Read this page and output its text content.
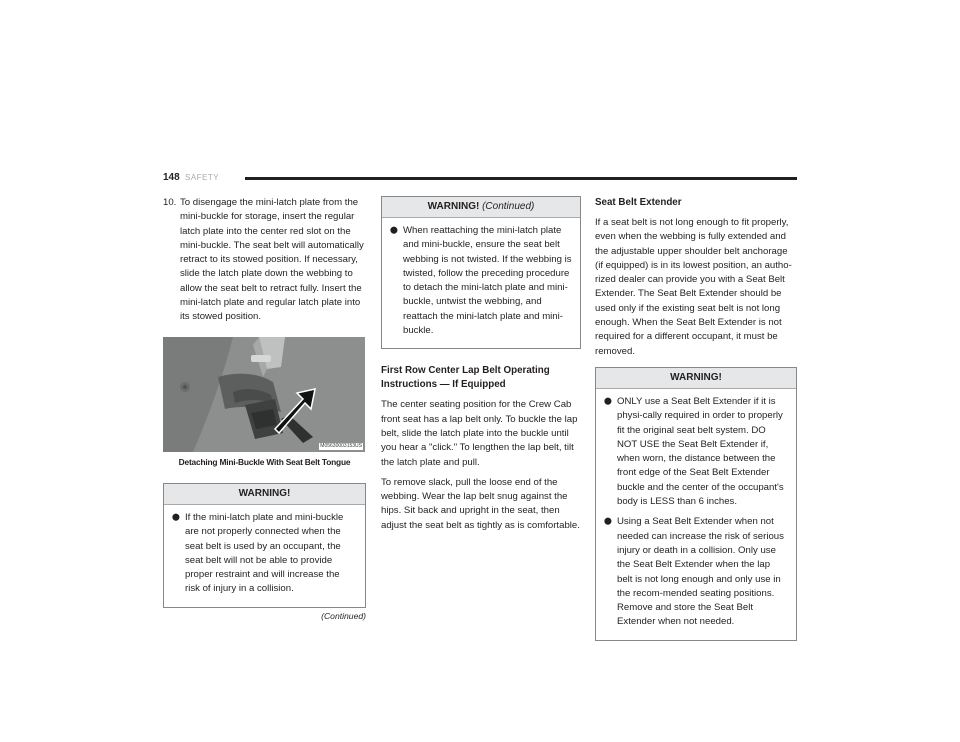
148 SAFETY
10. To disengage the mini-latch plate from the mini-buckle for storage, insert the regular latch plate into the center red slot on the mini-buckle. The seat belt will automatically retract to its stowed position. If necessary, slide the latch plate down the webbing to allow the seat belt to retract fully. Insert the mini-latch plate and regular latch plate into its stowed position.
M05630003153US
Detaching Mini-Buckle With Seat Belt Tongue
WARNING!
⬤ If the mini-latch plate and mini-buckle are not properly connected when the seat belt is used by an occupant, the seat belt will not be able to provide proper restraint and will increase the risk of injury in a collision.
(Continued)
WARNING! (Continued)
⬤ When reattaching the mini-latch plate and mini-buckle, ensure the seat belt webbing is not twisted. If the webbing is twisted, follow the preceding procedure to detach the mini-latch plate and mini-buckle, untwist the webbing, and reattach the mini-latch plate and mini-buckle.
First Row Center Lap Belt Operating Instructions — If Equipped

The center seating position for the Crew Cab front seat has a lap belt only. To buckle the lap belt, slide the latch plate into the buckle until you hear a "click." To lengthen the lap belt, tilt the latch plate and pull.

To remove slack, pull the loose end of the webbing. Wear the lap belt snug against the hips. Sit back and upright in the seat, then adjust the seat belt as tightly as is comfortable.

Seat Belt Extender

If a seat belt is not long enough to fit properly, even when the webbing is fully extended and the adjustable upper shoulder belt anchorage (if equipped) is in its lowest position, an autho-rized dealer can provide you with a Seat Belt Extender. The Seat Belt Extender should be used only if the existing seat belt is not long enough. When the Seat Belt Extender is not required for a different occupant, it must be removed.

WARNING!
⬤ ONLY use a Seat Belt Extender if it is physi-cally required in order to properly fit the original seat belt system. DO NOT USE the Seat Belt Extender if, when worn, the distance between the front edge of the Seat Belt Extender buckle and the center of the occupant's body is LESS than 6 inches.
⬤ Using a Seat Belt Extender when not needed can increase the risk of serious injury or death in a collision. Only use the Seat Belt Extender when the lap belt is not long enough and only use in the recom-mended seating positions. Remove and store the Seat Belt Extender when not needed.
